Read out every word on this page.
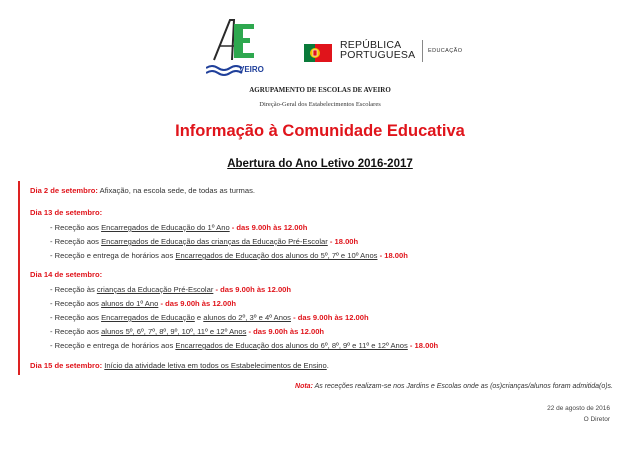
VEIRO
REPÚBLICA
PORTUGUESA EDUCAÇÃO
AGRUPAMENTO DE ESCOLAS DE AVEIRO
Direção-Geral dos Estabelecimentos Escolares
Informação à Comunidade Educativa
Abertura do Ano Letivo 2016-2017
Dia 2 de setembro: Afixação, na escola sede, de todas as turmas.
Dia 13 de setembro:
- Receção aos Encarregados de Educação do 1º Ano - das 9.00h às 12.00h
- Receção aos Encarregados de Educação das crianças da Educação Pré-Escolar - 18.00h
- Receção e entrega de horários aos Encarregados de Educação dos alunos do 5º, 7º e 10º Anos - 18.00h
Dia 14 de setembro:
- Receção às crianças da Educação Pré-Escolar - das 9.00h às 12.00h
- Receção aos alunos do 1º Ano - das 9.00h às 12.00h
- Receção aos Encarregados de Educação e alunos do 2º, 3º e 4º Anos - das 9.00h às 12.00h
- Receção aos alunos 5º, 6º, 7º, 8º, 9º, 10º, 11º e 12º Anos - das 9.00h às 12.00h
- Receção e entrega de horários aos Encarregados de Educação dos alunos do 6º, 8º, 9º e 11º e 12º Anos - 18.00h
Dia 15 de setembro: Início da atividade letiva em todos os Estabelecimentos de Ensino.
Nota: As receções realizam-se nos Jardins e Escolas onde as (os)crianças/alunos foram admitida(o)s.
22 de agosto de 2016
O Diretor
